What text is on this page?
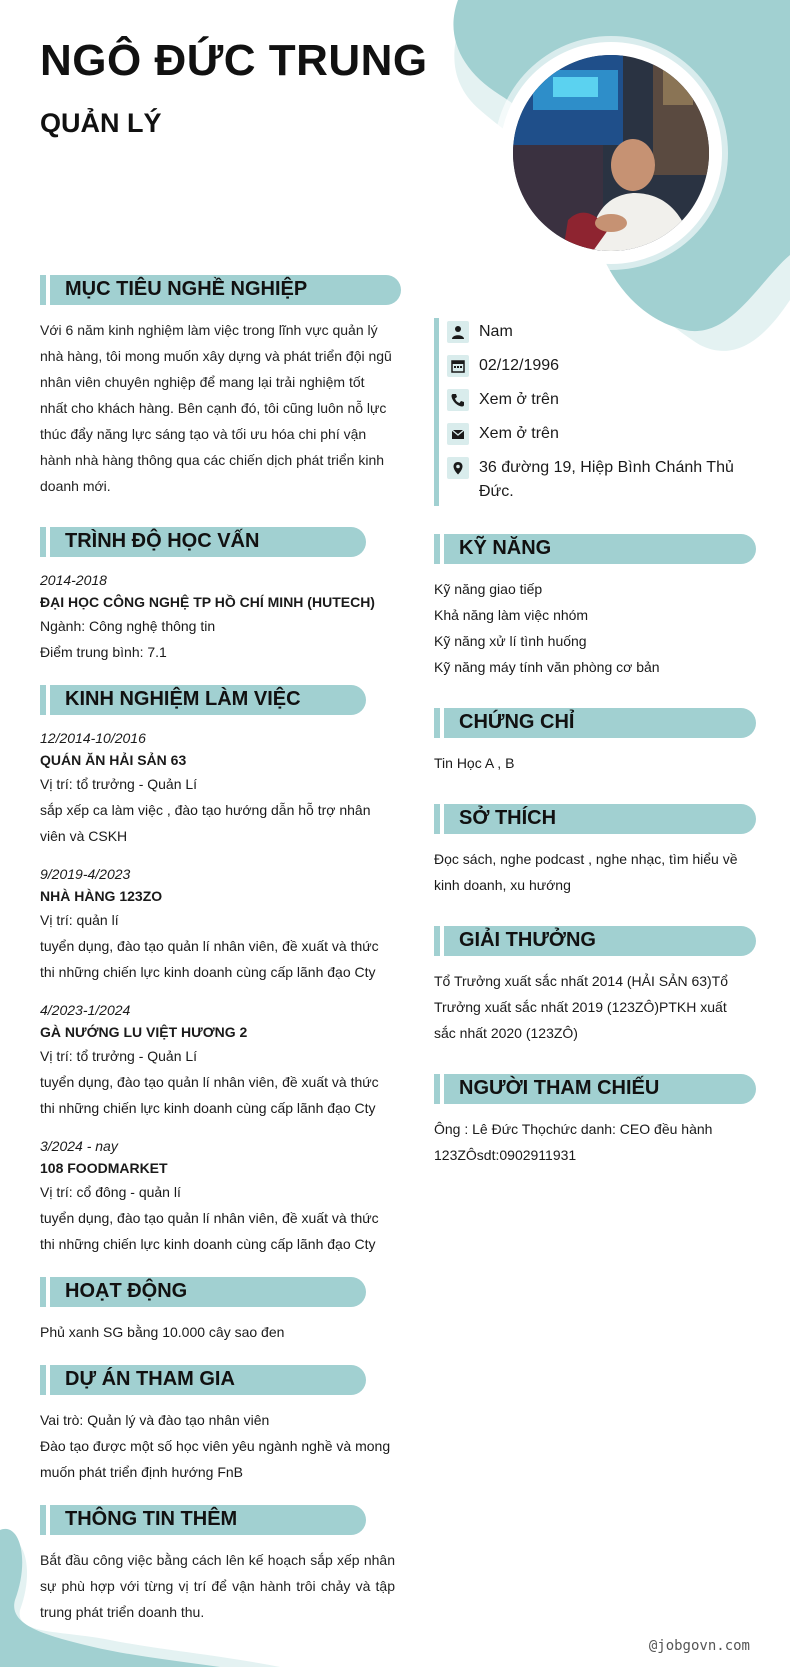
NGÔ ĐỨC TRUNG
QUẢN LÝ
MỤC TIÊU NGHỀ NGHIỆP

Với 6 năm kinh nghiệm làm việc trong lĩnh vực quản lý nhà hàng, tôi mong muốn xây dựng và phát triển đội ngũ nhân viên chuyên nghiệp để mang lại trải nghiệm tốt nhất cho khách hàng. Bên cạnh đó, tôi cũng luôn nỗ lực thúc đẩy năng lực sáng tạo và tối ưu hóa chi phí vận hành nhà hàng thông qua các chiến dịch phát triển kinh doanh mới.

TRÌNH ĐỘ HỌC VẤN

2014-2018

ĐẠI HỌC CÔNG NGHỆ TP HỒ CHÍ MINH (HUTECH)

Ngành: Công nghệ thông tin

Điểm trung bình: 7.1

KINH NGHIỆM LÀM VIỆC

12/2014-10/2016

QUÁN ĂN HẢI SẢN 63

Vị trí: tổ trưởng - Quản Lí

sắp xếp ca làm việc , đào tạo hướng dẫn hỗ trợ nhân viên và CSKH

9/2019-4/2023

NHÀ HÀNG 123ZO

Vị trí: quản lí

tuyển dụng, đào tạo quản lí nhân viên, đề xuất và thức thi những chiến lực kinh doanh cùng cấp lãnh đạo Cty

4/2023-1/2024

GÀ NƯỚNG LU VIỆT HƯƠNG 2

Vị trí: tổ trưởng - Quản Lí

tuyển dụng, đào tạo quản lí nhân viên, đề xuất và thức thi những chiến lực kinh doanh cùng cấp lãnh đạo Cty

3/2024 - nay

108 FOODMARKET

Vị trí: cổ đông - quản lí

tuyển dụng, đào tạo quản lí nhân viên, đề xuất và thức thi những chiến lực kinh doanh cùng cấp lãnh đạo Cty

HOẠT ĐỘNG

Phủ xanh SG bằng 10.000 cây sao đen

DỰ ÁN THAM GIA

Vai trò: Quản lý và đào tạo nhân viên

Đào tạo được một số học viên yêu ngành nghề và mong muốn phát triển định hướng FnB

THÔNG TIN THÊM

Bắt đầu công việc bằng cách lên kế hoạch sắp xếp nhân sự phù hợp với từng vị trí để vận hành trôi chảy và tập trung phát triển doanh thu.

Nam
02/12/1996
Xem ở trên
Xem ở trên
36 đường 19, Hiệp Bình Chánh Thủ Đức.
KỸ NĂNG

Kỹ năng giao tiếp

Khả năng làm việc nhóm

Kỹ năng xử lí tình huống

Kỹ năng máy tính văn phòng cơ bản

CHỨNG CHỈ

Tin Học A , B

SỞ THÍCH

Đọc sách, nghe podcast , nghe nhạc, tìm hiểu về kinh doanh, xu hướng

GIẢI THƯỞNG

Tổ Trưởng xuất sắc nhất 2014 (HẢI SẢN 63)Tổ Trưởng xuất sắc nhất 2019 (123ZÔ)PTKH xuất sắc nhất 2020 (123ZÔ)

NGƯỜI THAM CHIẾU

Ông : Lê Đức Thọchức danh: CEO đều hành 123ZÔsdt:0902911931

@jobgovn.com
